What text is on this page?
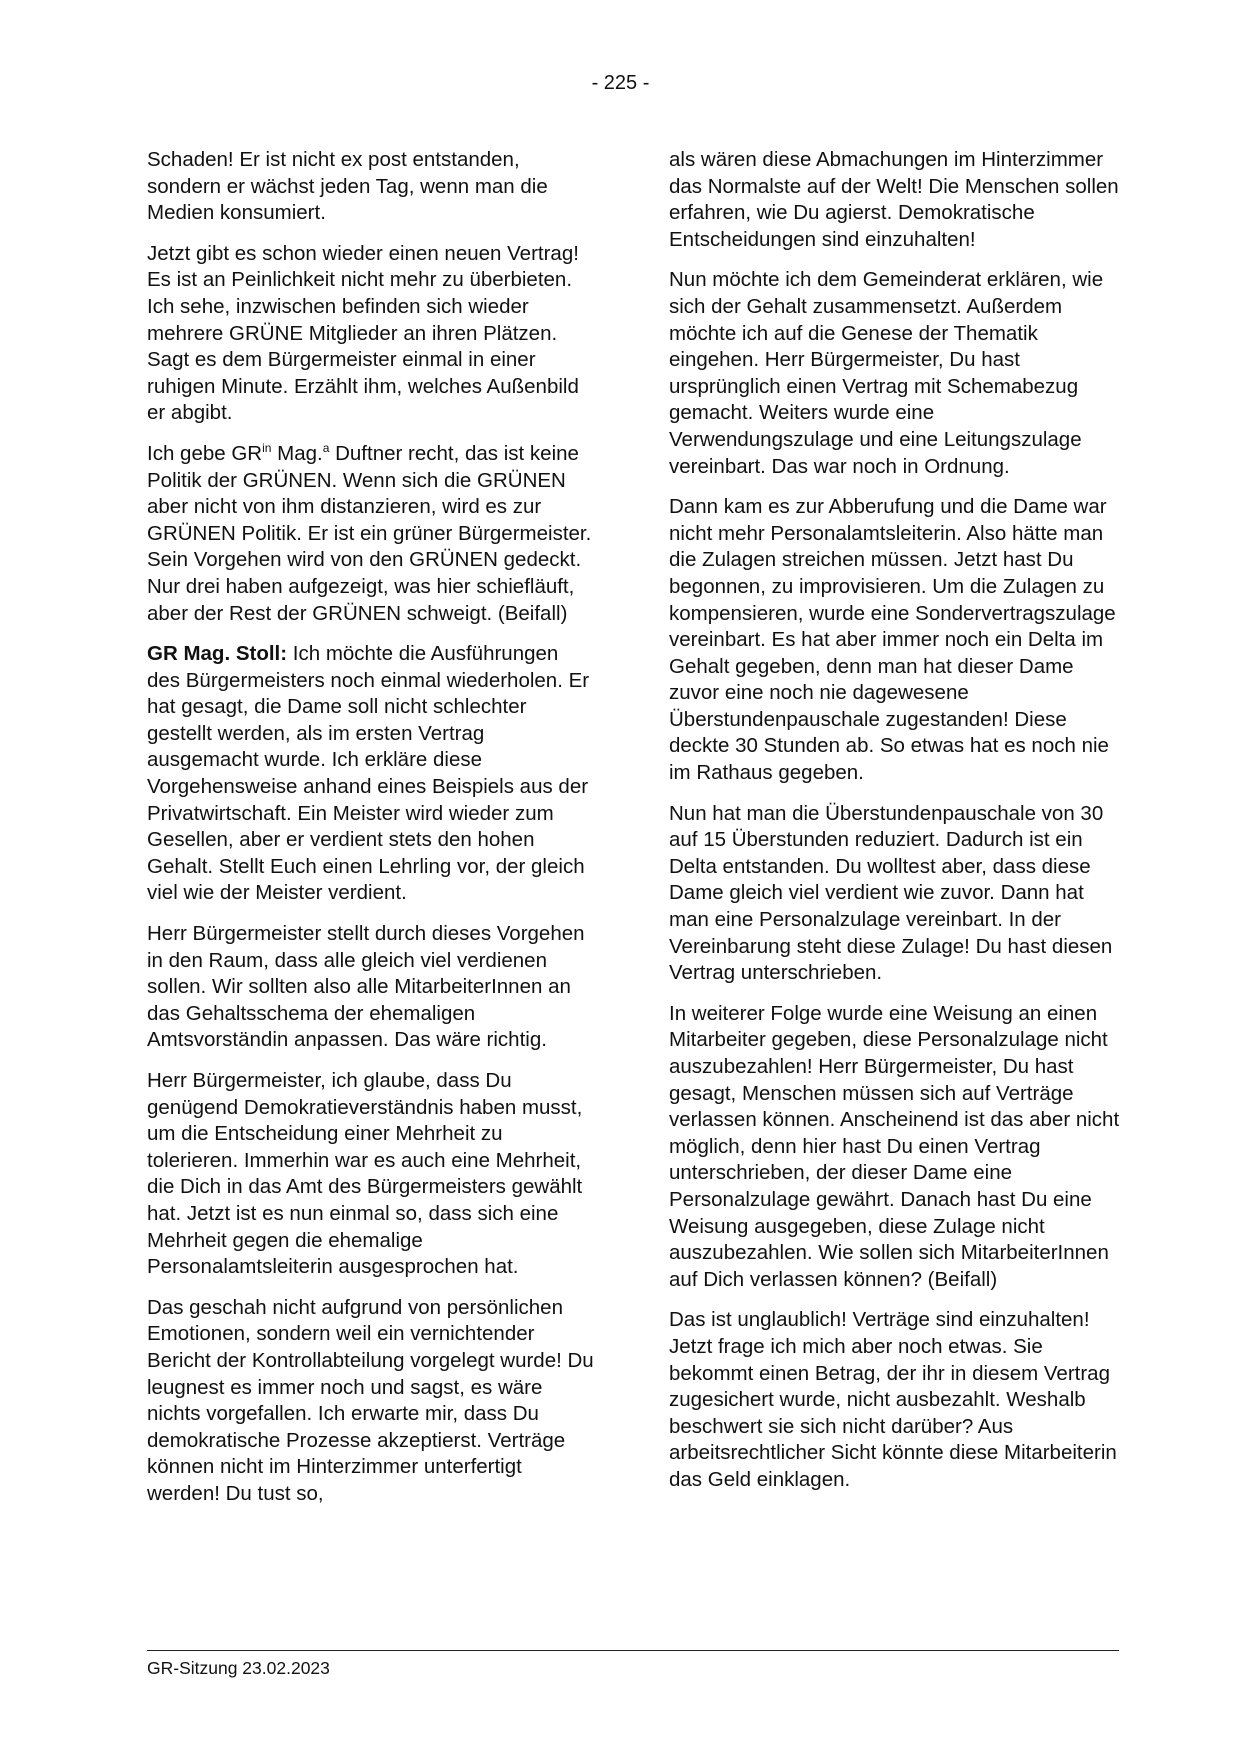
- 225 -

Schaden! Er ist nicht ex post entstanden, sondern er wächst jeden Tag, wenn man die Medien konsumiert.

Jetzt gibt es schon wieder einen neuen Vertrag! Es ist an Peinlichkeit nicht mehr zu überbieten. Ich sehe, inzwischen befinden sich wieder mehrere GRÜNE Mitglieder an ihren Plätzen. Sagt es dem Bürgermeister einmal in einer ruhigen Minute. Erzählt ihm, welches Außenbild er abgibt.

Ich gebe $GR^{in}$ Mag.$^a$ Duftner recht, das ist keine Politik der GRÜNEN. Wenn sich die GRÜNEN aber nicht von ihm distanzieren, wird es zur GRÜNEN Politik. Er ist ein grüner Bürgermeister. Sein Vorgehen wird von den GRÜNEN gedeckt. Nur drei haben aufgezeigt, was hier schiefläuft, aber der Rest der GRÜNEN schweigt. (Beifall)

GR Mag. Stoll: Ich möchte die Ausführungen des Bürgermeisters noch einmal wiederholen. Er hat gesagt, die Dame soll nicht schlechter gestellt werden, als im ersten Vertrag ausgemacht wurde. Ich erkläre diese Vorgehensweise anhand eines Beispiels aus der Privatwirtschaft. Ein Meister wird wieder zum Gesellen, aber er verdient stets den hohen Gehalt. Stellt Euch einen Lehrling vor, der gleich viel wie der Meister verdient.

Herr Bürgermeister stellt durch dieses Vorgehen in den Raum, dass alle gleich viel verdienen sollen. Wir sollten also alle MitarbeiterInnen an das Gehaltsschema der ehemaligen Amtsvorständin anpassen. Das wäre richtig.

Herr Bürgermeister, ich glaube, dass Du genügend Demokratieverständnis haben musst, um die Entscheidung einer Mehrheit zu tolerieren. Immerhin war es auch eine Mehrheit, die Dich in das Amt des Bürgermeisters gewählt hat. Jetzt ist es nun einmal so, dass sich eine Mehrheit gegen die ehemalige Personalamtsleiterin ausgesprochen hat.

Das geschah nicht aufgrund von persönlichen Emotionen, sondern weil ein vernichtender Bericht der Kontrollabteilung vorgelegt wurde! Du leugnest es immer noch und sagst, es wäre nichts vorgefallen. Ich erwarte mir, dass Du demokratische Prozesse akzeptierst. Verträge können nicht im Hinterzimmer unterfertigt werden! Du tust so,

als wären diese Abmachungen im Hinterzimmer das Normalste auf der Welt! Die Menschen sollen erfahren, wie Du agierst. Demokratische Entscheidungen sind einzuhalten!

Nun möchte ich dem Gemeinderat erklären, wie sich der Gehalt zusammensetzt. Außerdem möchte ich auf die Genese der Thematik eingehen. Herr Bürgermeister, Du hast ursprünglich einen Vertrag mit Schemabezug gemacht. Weiters wurde eine Verwendungszulage und eine Leitungszulage vereinbart. Das war noch in Ordnung.

Dann kam es zur Abberufung und die Dame war nicht mehr Personalamtsleiterin. Also hätte man die Zulagen streichen müssen. Jetzt hast Du begonnen, zu improvisieren. Um die Zulagen zu kompensieren, wurde eine Sondervertragszulage vereinbart. Es hat aber immer noch ein Delta im Gehalt gegeben, denn man hat dieser Dame zuvor eine noch nie dagewesene Überstundenpauschale zugestanden! Diese deckte 30 Stunden ab. So etwas hat es noch nie im Rathaus gegeben.

Nun hat man die Überstundenpauschale von 30 auf 15 Überstunden reduziert. Dadurch ist ein Delta entstanden. Du wolltest aber, dass diese Dame gleich viel verdient wie zuvor. Dann hat man eine Personalzulage vereinbart. In der Vereinbarung steht diese Zulage! Du hast diesen Vertrag unterschrieben.

In weiterer Folge wurde eine Weisung an einen Mitarbeiter gegeben, diese Personalzulage nicht auszubezahlen! Herr Bürgermeister, Du hast gesagt, Menschen müssen sich auf Verträge verlassen können. Anscheinend ist das aber nicht möglich, denn hier hast Du einen Vertrag unterschrieben, der dieser Dame eine Personalzulage gewährt. Danach hast Du eine Weisung ausgegeben, diese Zulage nicht auszubezahlen. Wie sollen sich MitarbeiterInnen auf Dich verlassen können? (Beifall)

Das ist unglaublich! Verträge sind einzuhalten! Jetzt frage ich mich aber noch etwas. Sie bekommt einen Betrag, der ihr in diesem Vertrag zugesichert wurde, nicht ausbezahlt. Weshalb beschwert sie sich nicht darüber? Aus arbeitsrechtlicher Sicht könnte diese Mitarbeiterin das Geld einklagen.

GR-Sitzung 23.02.2023
